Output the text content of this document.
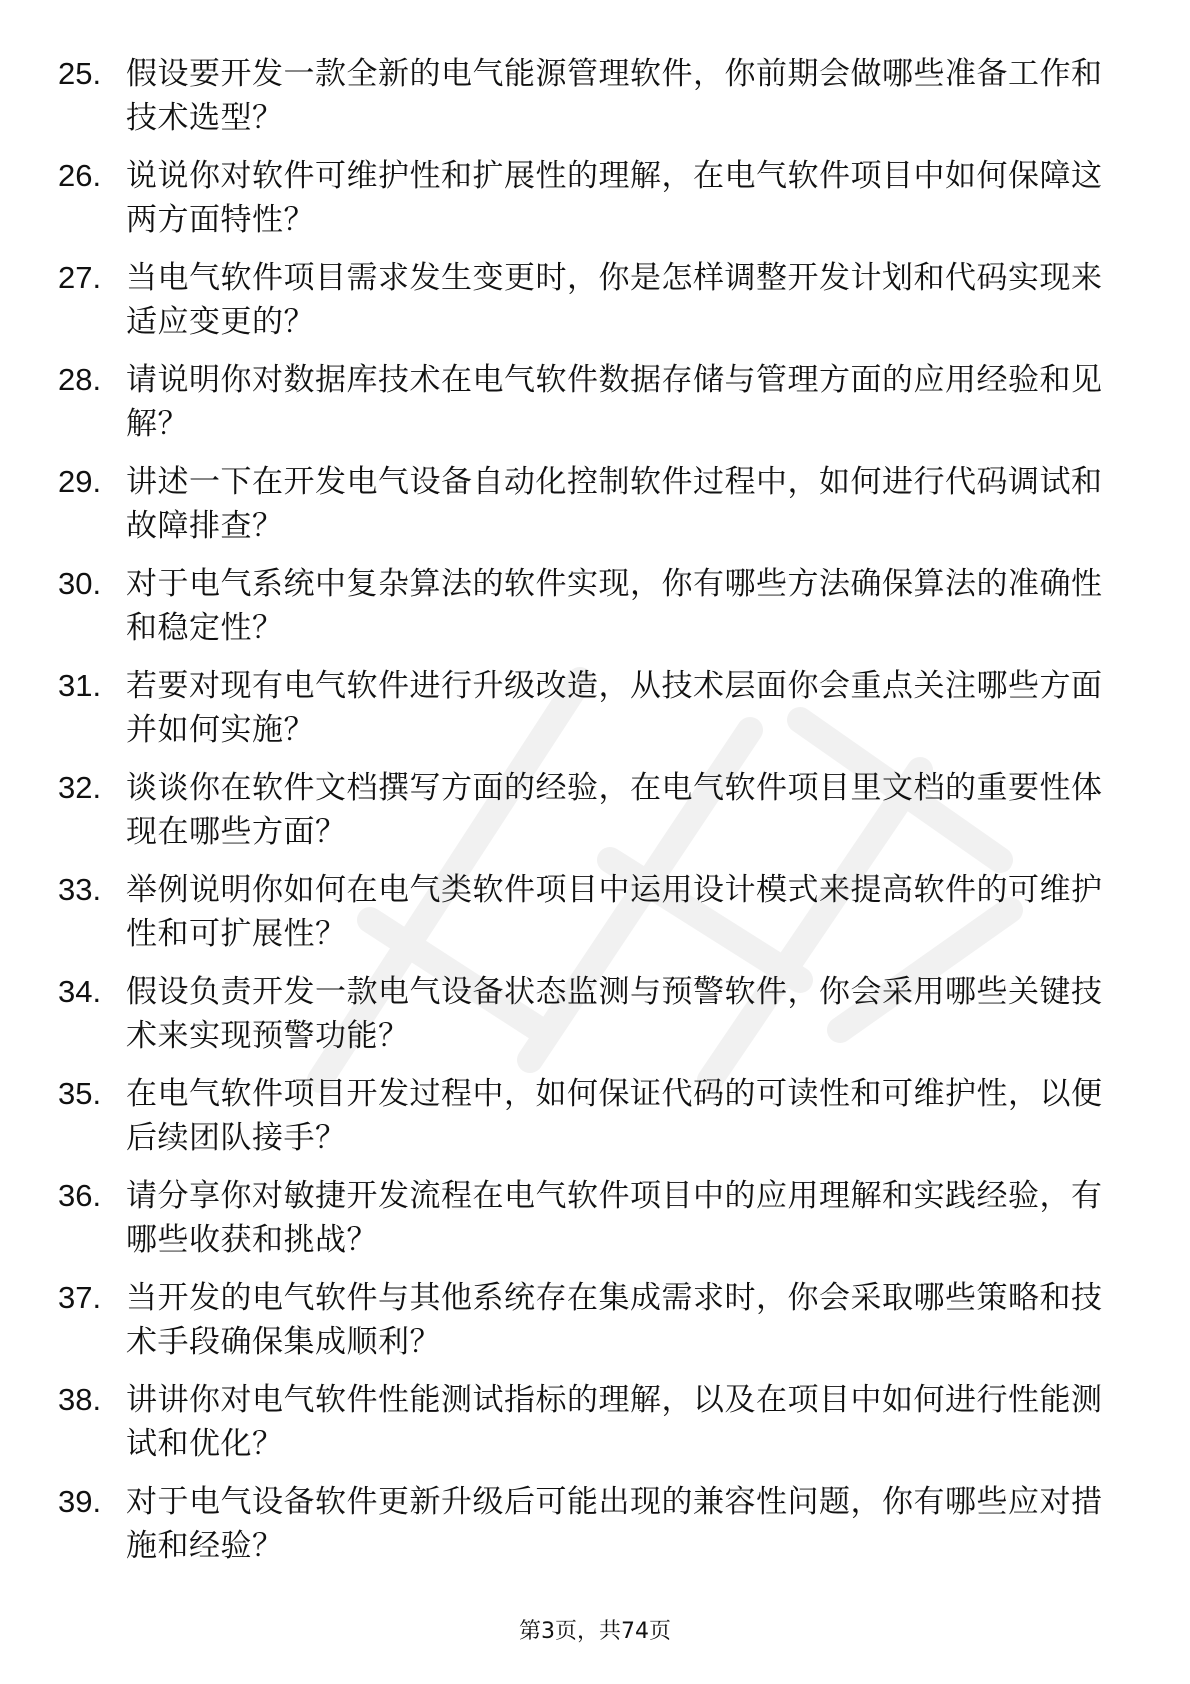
25. 假设要开发一款全新的电气能源管理软件，你前期会做哪些准备工作和技术选型？
26. 说说你对软件可维护性和扩展性的理解，在电气软件项目中如何保障这两方面特性？
27. 当电气软件项目需求发生变更时，你是怎样调整开发计划和代码实现来适应变更的？
28. 请说明你对数据库技术在电气软件数据存储与管理方面的应用经验和见解？
29. 讲述一下在开发电气设备自动化控制软件过程中，如何进行代码调试和故障排查？
30. 对于电气系统中复杂算法的软件实现，你有哪些方法确保算法的准确性和稳定性？
31. 若要对现有电气软件进行升级改造，从技术层面你会重点关注哪些方面并如何实施？
32. 谈谈你在软件文档撰写方面的经验，在电气软件项目里文档的重要性体现在哪些方面？
33. 举例说明你如何在电气类软件项目中运用设计模式来提高软件的可维护性和可扩展性？
34. 假设负责开发一款电气设备状态监测与预警软件，你会采用哪些关键技术来实现预警功能？
35. 在电气软件项目开发过程中，如何保证代码的可读性和可维护性，以便后续团队接手？
36. 请分享你对敏捷开发流程在电气软件项目中的应用理解和实践经验，有哪些收获和挑战？
37. 当开发的电气软件与其他系统存在集成需求时，你会采取哪些策略和技术手段确保集成顺利？
38. 讲讲你对电气软件性能测试指标的理解，以及在项目中如何进行性能测试和优化？
39. 对于电气设备软件更新升级后可能出现的兼容性问题，你有哪些应对措施和经验？
第3页，共74页
